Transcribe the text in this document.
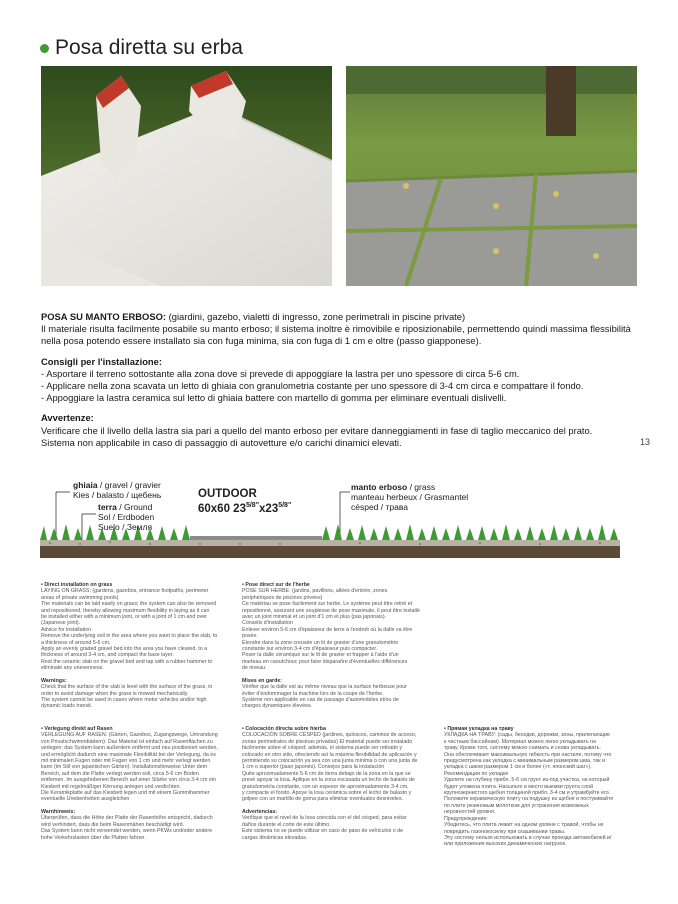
Posa diretta su erba

POSA SU MANTO ERBOSO: (giardini, gazebo, vialetti di ingresso, zone perimetrali in piscine private)

Il materiale risulta facilmente posabile su manto erboso; il sistema inoltre è rimovibile e riposizionabile, permettendo quindi massima flessibilità

nella posa potendo essere installato sia con fuga minima, sia con fuga di 1 cm e oltre (passo giapponese).

Consigli per l'installazione:

- Asportare il terreno sottostante alla zona dove si prevede di appoggiare la lastra per uno spessore di circa 5-6 cm.

- Applicare nella zona scavata un letto di ghiaia con granulometria costante per uno spessore di 3-4 cm circa e compattare il fondo.

- Appoggiare la lastra ceramica sul letto di ghiaia battere con martello di gomma per eliminare eventuali dislivelli.

Avvertenze:

Verificare che il livello della lastra sia pari a quello del manto erboso per evitare danneggiamenti in fase di taglio meccanico del prato.

Sistema non applicabile in caso di passaggio di autovetture e/o carichi dinamici elevati.	13
ghiaia / gravel / gravier
Kies / balasto / щебень
terra / Ground
Sol / Erdboden
Suelo / Земля
manto erboso / grass
manteau herbeux / Grasmantel
césped / трава
OUTDOOR
60x60 $23^{5/8"}x23^{5/8"}$

• Direct installation on grass

LAYING ON GRASS: (gardens, gazebos, entrance footpaths, perimeter

areas of private swimming pools)

The materials can be laid easily on grass; the system can also be removed

and repositioned, thereby allowing maximum flexibility in laying as it can

be installed either with a minimum joint, or with a joint of 1 cm and over

(Japanese joint).

Advice for installation

Remove the underlying soil in the area where you want to place the slab, to

a thickness of around 5-6 cm.

Apply an evenly graded gravel bed into the area you have cleared, to a

thickness of around 3-4 cm, and compact the base layer.

Rest the ceramic slab on the gravel bed and tap with a rubber hammer to

eliminate any unevenness.

Warnings:

Check that the surface of the slab is level with the surface of the grass, in

order to avoid damage when the grass is mowed mechanically.

The system cannot be used in cases where motor vehicles and/or high

dynamic loads transit.

• Pose direct sur de l'herbe

POSE SUR HERBE: (jardins, pavillons, allées d'entrée, zones

périphériques de piscines privées)

Ce matériau se pose facilement sur herbe. Le système peut être retiré et

repositionné, assurant une souplesse de pose maximale, il peut être installé

avec un joint minimal et un joint d'1 cm et plus (pas japonais).

Conseils d'installation

Enlever environ 5-6 cm d'épaisseur de terre à l'endroit où la dalle va être

posée.

Étendre dans la zone creusée un lit de gravier d'une granulométrie

constante sur environ 3-4 cm d'épaisseur puis compacter.

Poser la dalle céramique sur le lit de gravier et frapper à l'aide d'un

marteau en caoutchouc pour faire disparaître d'éventuelles différences

de niveau.

Mises en garde:

Vérifier que la dalle est au même niveau que la surface herbeuse pour

éviter d'endommager la machine lors de la coupe de l'herbe.

Système non applicable en cas de passage d'automobiles et/ou de

charges dynamiques élevées.

• Verlegung direkt auf Rasen

VERLEGUNG AUF RASEN: (Gärten, Gazebos, Zugangswege, Umrandung

von Privatschwimmbädern): Das Material ist einfach auf Rasenflächen zu

verlegen; das System kann außerdem entfernt und neu positioniert werden,

und ermöglicht dadurch eine maximale Flexibilität bei der Verlegung, da es

mit minimalen Fugen oder mit Fugen von 1 cm und mehr verlegt werden

kann (im Stil von japanischen Gärten). Installationshinweise Unter dem

Bereich, auf dem die Platte verlegt werden soll, circa 5-6 cm Boden

entfernen. Im ausgehobenen Bereich auf einer Stärke von circa 3-4 cm ein

Kiesbett mit regelmäßiger Körnung anlegen und verdichten.

Die Keramikplatte auf das Kiesbett legen und mit einem Gummihammer

eventuelle Unebenheiten ausgleichen

Warnhinweis:

Überprüfen, dass die Höhe der Platte der Rasenhöhe entspricht, dadurch

wird verhindert, dass die beim Rasenmähen beschädigt wird.

Das System kann nicht verwendet werden, wenn PKWs und/oder andere

hohe Verkehrslasten über die Platten fahren.

• Colocación directa sobre hierba

COLOCACIÓN SOBRE CÉSPED (jardines, quioscos, caminos de acceso,

zonas perimetrales de piscinas privadas) El material puede ser instalado

fácilmente sobre el césped; además, el sistema puede ser retirado y

colocado en otro sitio, ofreciendo así la máxima flexibilidad de aplicación y

permitiendo su colocación ya sea con una junta mínima o con una junta de

1 cm o superior (paso japonés). Consejos para la instalación

Quite aproximadamente 5-6 cm de tierra debajo de la zona en la que se

prevé apoyar la losa. Aplique en la zona excavada un lecho de balasto de

granulometría constante, con un espesor de aproximadamente 3-4 cm,

y compacte el fondo. Apoye la losa cerámica sobre el lecho de balasto y

golpee con un martillo de goma para eliminar eventuales desniveles.

Advertencias:

Verifique que el nivel de la losa coincida con el del césped, para evitar

daños durante el corte de este último.

Este sistema no se puede utilizar en caso de paso de vehículos o de

cargas dinámicas elevadas.

• Прямая укладка на траву

УКЛАДКА НА ТРАВУ: (сады, беседки, дорожки, зоны, прилегающие

к частным бассейнам). Материал можно легко укладывать на

траву. Кроме того, систему можно снимать и снова укладывать.

Она обеспечивает максимальную гибкость при настиле, потому что

предусмотрена как укладка с минимальным размером шва, так и

укладка с швом размером 1 см и более («т. японский шаг»).

Рекомендации по укладке

Удалите на глубину прибл. 5-6 см грунт из-под участка, на который

будет уложена плита. Насыпьте в место выемки грунта слой

крупнозернистого щебня толщиной прибл. 3-4 см и утрамбуйте его.

Положите керамическую плиту на подушку из щебня и постукивайте

по плите резиновым молотком для устранения возможных

неровностей уровня.

Предупреждение:

Убедитесь, что плита лежит на одном уровне с травой, чтобы не

повредить газонокосилку при скашивании травы.

Эту систему нельзя использовать в случае проезда автомобилей и/

или приложения высоких динамических нагрузок.
